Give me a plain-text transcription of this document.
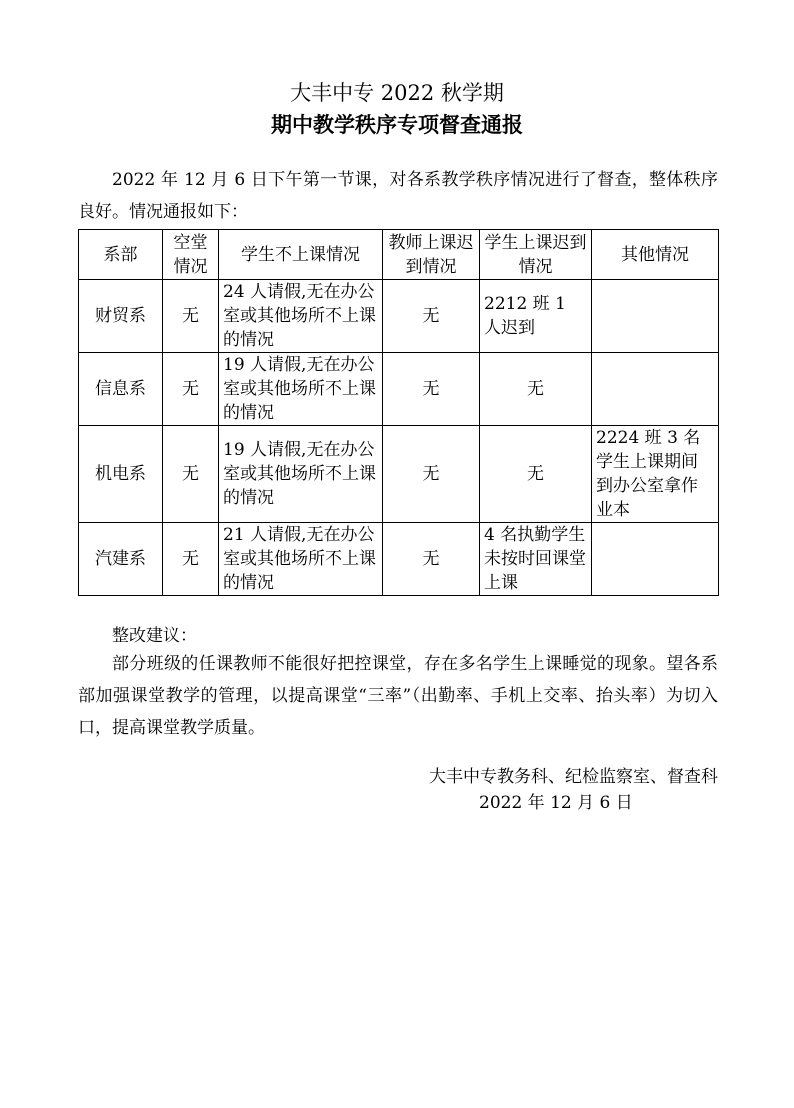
大丰中专 2022 秋学期
期中教学秩序专项督查通报
2022 年 12 月 6 日下午第一节课，对各系教学秩序情况进行了督查，整体秩序良好。情况通报如下：
系部	空堂情况	学生不上课情况	教师上课迟到情况	学生上课迟到情况	其他情况
财贸系	无	24 人请假,无在办公室或其他场所不上课的情况	无	2212 班 1 人迟到	
信息系	无	19 人请假,无在办公室或其他场所不上课的情况	无	无	
机电系	无	19 人请假,无在办公室或其他场所不上课的情况	无	无	2224 班 3 名学生上课期间到办公室拿作业本
汽建系	无	21 人请假,无在办公室或其他场所不上课的情况	无	4 名执勤学生未按时回课堂上课	
整改建议：
部分班级的任课教师不能很好把控课堂，存在多名学生上课睡觉的现象。望各系部加强课堂教学的管理，以提高课堂“三率”（出勤率、手机上交率、抬头率）为切入口，提高课堂教学质量。
大丰中专教务科、纪检监察室、督查科
2022 年 12 月 6 日
